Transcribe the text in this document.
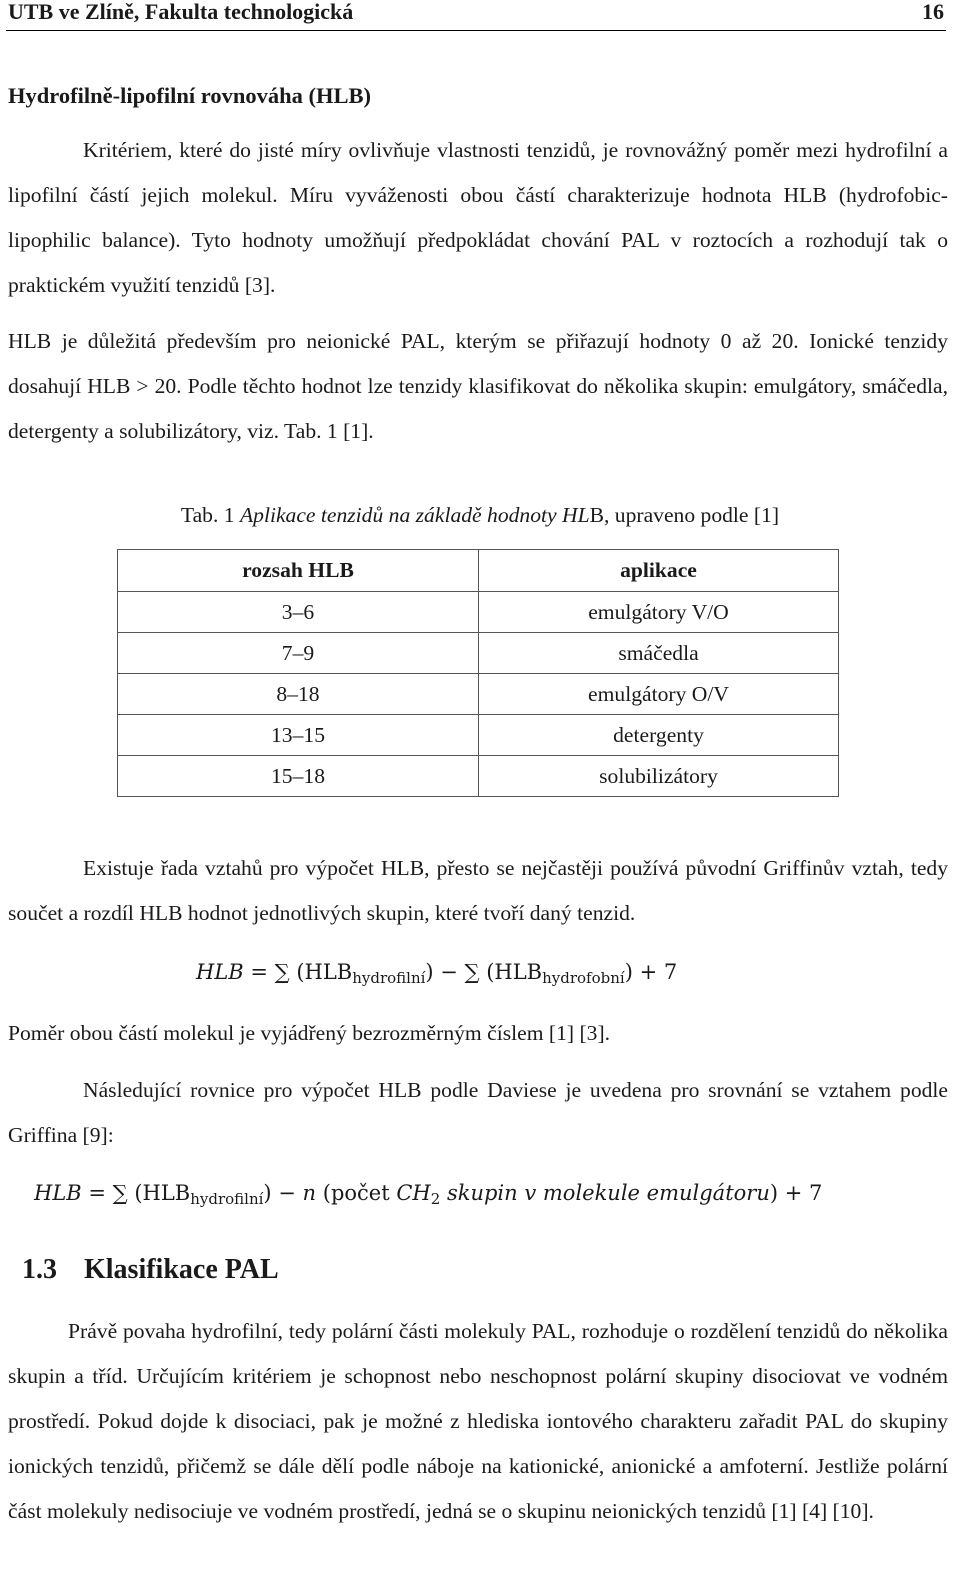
UTB ve Zlíně, Fakulta technologická	16
Hydrofilně-lipofilní rovnováha (HLB)

Kritériem, které do jisté míry ovlivňuje vlastnosti tenzidů, je rovnovážný poměr mezi hydrofilní a lipofilní částí jejich molekul. Míru vyváženosti obou částí charakterizuje hodnota HLB (hydrofobic-lipophilic balance). Tyto hodnoty umožňují předpokládat chování PAL v roztocích a rozhodují tak o praktickém využití tenzidů [3].

HLB je důležitá především pro neionické PAL, kterým se přiřazují hodnoty 0 až 20. Ionické tenzidy dosahují HLB > 20. Podle těchto hodnot lze tenzidy klasifikovat do několika skupin: emulgátory, smáčedla, detergenty a solubilizátory, viz. Tab. 1 [1].

Tab. 1 Aplikace tenzidů na základě hodnoty HLB, upraveno podle [1]
rozsah HLB	aplikace
3–6	emulgátory V/O
7–9	smáčedla
8–18	emulgátory O/V
13–15	detergenty
15–18	solubilizátory

Existuje řada vztahů pro výpočet HLB, přesto se nejčastěji používá původní Griffinův vztah, tedy součet a rozdíl HLB hodnot jednotlivých skupin, které tvoří daný tenzid.

HLB = ∑ $(HLB_{hydrofilní})$ − ∑ $(HLB_{hydrofobní}) + 7$

Poměr obou částí molekul je vyjádřený bezrozměrným číslem [1] [3].

Následující rovnice pro výpočet HLB podle Daviese je uvedena pro srovnání se vztahem podle Griffina [9]:

HLB = ∑ $(HLB_{hydrofilní}) - n$ (počet $CH_2$ skupin v molekule emulgátoru) + 7
1.3 Klasifikace PAL

Právě povaha hydrofilní, tedy polární části molekuly PAL, rozhoduje o rozdělení tenzidů do několika skupin a tříd. Určujícím kritériem je schopnost nebo neschopnost polární skupiny disociovat ve vodném prostředí. Pokud dojde k disociaci, pak je možné z hlediska iontového charakteru zařadit PAL do skupiny ionických tenzidů, přičemž se dále dělí podle náboje na kationické, anionické a amfoterní. Jestliže polární část molekuly nedisociuje ve vodném prostředí, jedná se o skupinu neionických tenzidů [1] [4] [10].
